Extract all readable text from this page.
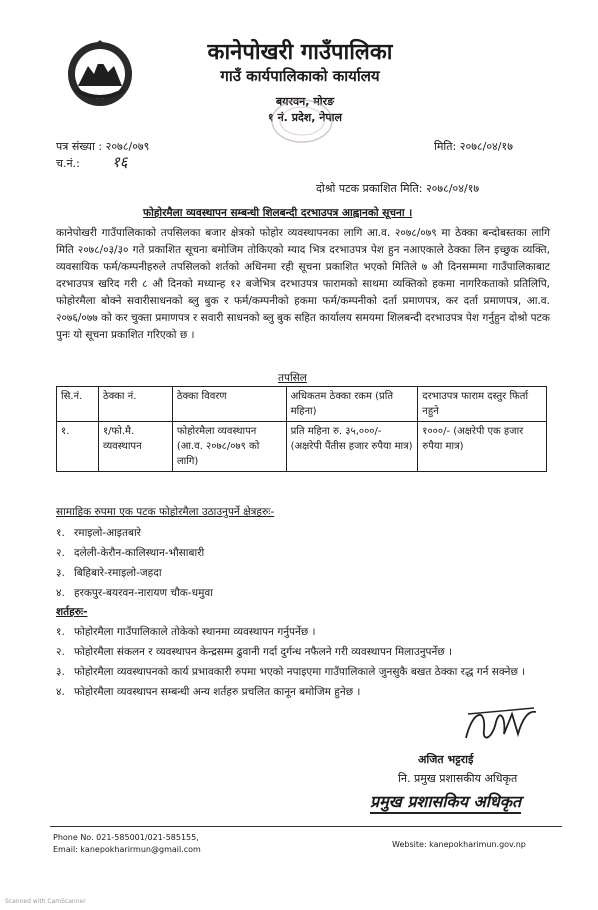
कानेपोखरी गाउँपालिका
गाउँ कार्यपालिकाको कार्यालय
बयरवन, मोरङ
१ नं. प्रदेश, नेपाल
पत्र संख्या : २०७८/०७९
च.नं.: १६
मिति: २०७८/०४/१७
दोश्रो पटक प्रकाशित मिति: २०७८/०४/१७
फोहोरमैला व्यवस्थापन सम्बन्धी शिलबन्दी दरभाउपत्र आह्वानको सूचना ।
कानेपोखरी गाउँपालिकाको तपसिलका बजार क्षेत्रको फोहोर व्यवस्थापनका लागि आ.व. २०७८/०७९ मा ठेक्का बन्दोबस्तका लागि मिति २०७८/०३/३० गते प्रकाशित सूचना बमोजिम तोकिएको म्याद भित्र दरभाउपत्र पेश हुन नआएकाले ठेक्का लिन इच्छुक व्यक्ति, व्यवसायिक फर्म/कम्पनीहरुले तपसिलको शर्तको अधिनमा रही सूचना प्रकाशित भएको मितिले ७ औ दिनसम्ममा गाउँपालिकाबाट दरभाउपत्र खरिद गरी ८ औ दिनको मध्यान्ह १२ बजेभित्र दरभाउपत्र फारामको साथमा व्यक्तिको हकमा नागरिकताको प्रतिलिपि, फोहोरमैला बोक्ने सवारीसाधनको ब्लु बुक र फर्म/कम्पनीको हकमा फर्म/कम्पनीको दर्ता प्रमाणपत्र, कर दर्ता प्रमाणपत्र, आ.व. २०७६/०७७ को कर चुक्ता प्रमाणपत्र र सवारी साधनको ब्लु बुक सहित कार्यालय समयमा शिलबन्दी दरभाउपत्र पेश गर्नुहुन दोश्रो पटक पुनः यो सूचना प्रकाशित गरिएको छ ।
तपसिल
सि.नं.	ठेक्का नं.	ठेक्का विवरण	अधिकतम ठेक्का रकम (प्रति महिना)	दरभाउपत्र फाराम दस्तुर फिर्ता नहुने
१.	१/फो.मै. व्यवस्थापन	फोहोरमैला व्यवस्थापन (आ.व. २०७८/०७९ को लागि)	प्रति महिना रु. ३५,०००/- (अक्षरेपी पैंतीस हजार रुपैया मात्र)	१०००/- (अक्षरेपी एक हजार रुपैया मात्र)
सामाहिक रुपमा एक पटक फोहोरमैला उठाउनुपर्ने क्षेत्रहरुः-
१. रमाइलो-आइतबारे
२. दलेली-केरौन-कालिस्थान-भौसाबारी
३. बिहिबारे-रमाइलो-जहदा
४. हरकपुर-बयरवन-नारायण चौक-धमुवा
शर्तहरुः-
१. फोहोरमैला गाउँपालिकाले तोकेको स्थानमा व्यवस्थापन गर्नुपर्नेछ ।
२. फोहोरमैला संकलन र व्यवस्थापन केन्द्रसम्म ढुवानी गर्दा दुर्गन्ध नफैलने गरी व्यवस्थापन मिलाउनुपर्नेछ ।
३. फोहोरमैला व्यवस्थापनको कार्य प्रभावकारी रुपमा भएको नपाइएमा गाउँपालिकाले जुनसुकै बखत ठेक्का रद्ध गर्न सक्नेछ ।
४. फोहोरमैला व्यवस्थापन सम्बन्धी अन्य शर्तहरु प्रचलित कानून बमोजिम हुनेछ ।
अजित भट्टराई
नि. प्रमुख प्रशासकीय अधिकृत
प्रमुख प्रशासकिय अधिकृत
Phone No. 021-585001/021-585155,
Email: kanepokharirmun@gmail.com
Website: kanepokharimun.gov.np
Scanned with CamScanner
